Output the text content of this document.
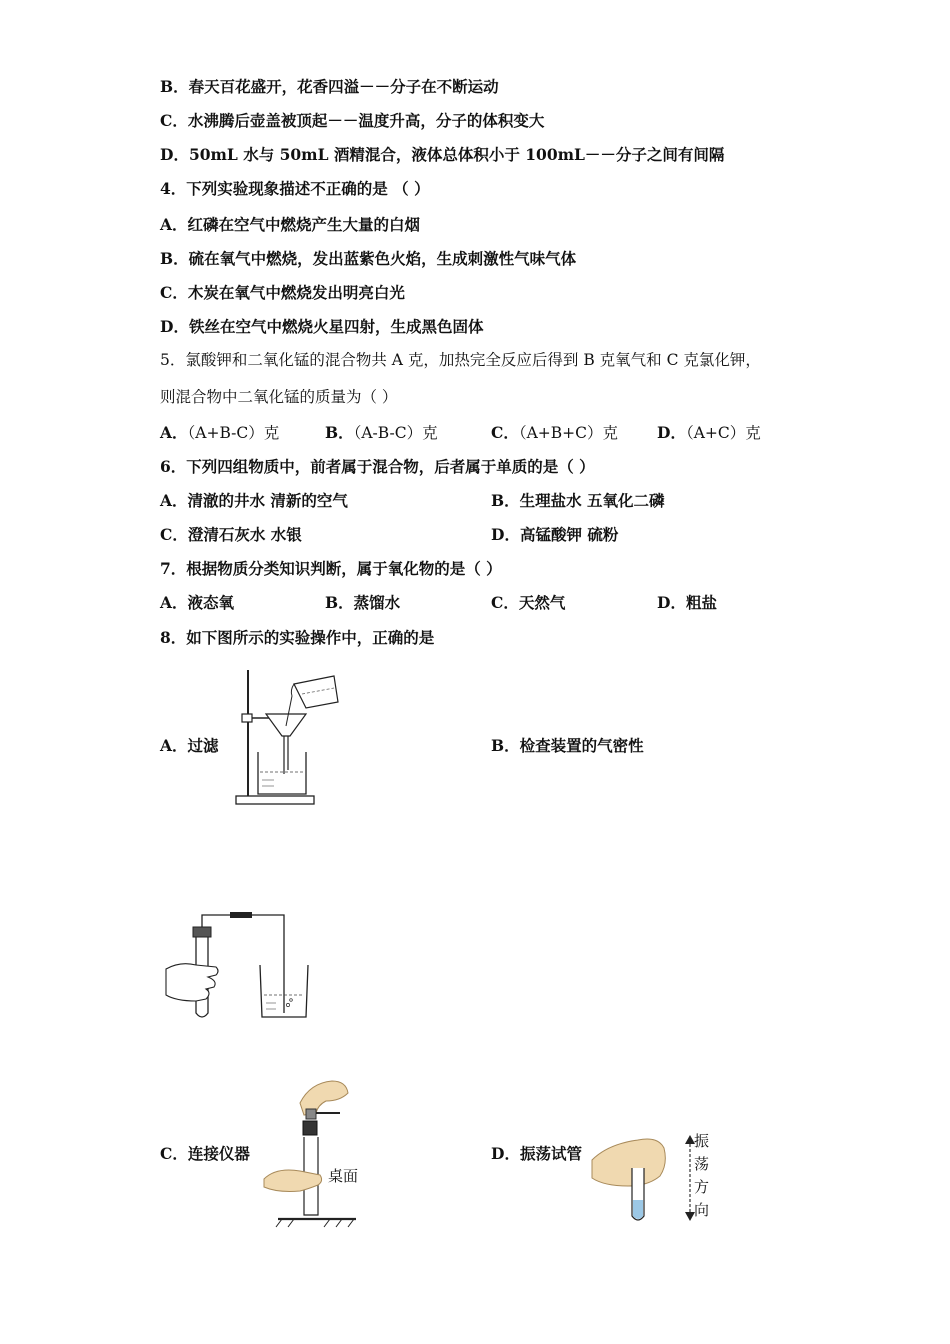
B．春天百花盛开，花香四溢－－分子在不断运动
C．水沸腾后壶盖被顶起－－温度升高，分子的体积变大
D．50mL 水与 50mL 酒精混合，液体总体积小于 100mL－－分子之间有间隔
4．下列实验现象描述不正确的是 （ ）
A．红磷在空气中燃烧产生大量的白烟
B．硫在氧气中燃烧，发出蓝紫色火焰，生成刺激性气味气体
C．木炭在氧气中燃烧发出明亮白光
D．铁丝在空气中燃烧火星四射，生成黑色固体
5．氯酸钾和二氧化锰的混合物共 A 克，加热完全反应后得到 B 克氧气和 C 克氯化钾，
则混合物中二氧化锰的质量为（ ）
A．（A+B-C）克	B．（A-B-C）克	C．（A+B+C）克	D．（A+C）克
6．下列四组物质中，前者属于混合物，后者属于单质的是（ ）
A．清澈的井水 清新的空气	B．生理盐水 五氧化二磷
C．澄清石灰水 水银	D．高锰酸钾 硫粉
7．根据物质分类知识判断，属于氧化物的是（ ）
A．液态氧	B．蒸馏水	C．天然气	D．粗盐
8．如下图所示的实验操作中，正确的是
A．过滤	B．检查装置的气密性
C．连接仪器	D．振荡试管
桌面
振
荡
方
向
